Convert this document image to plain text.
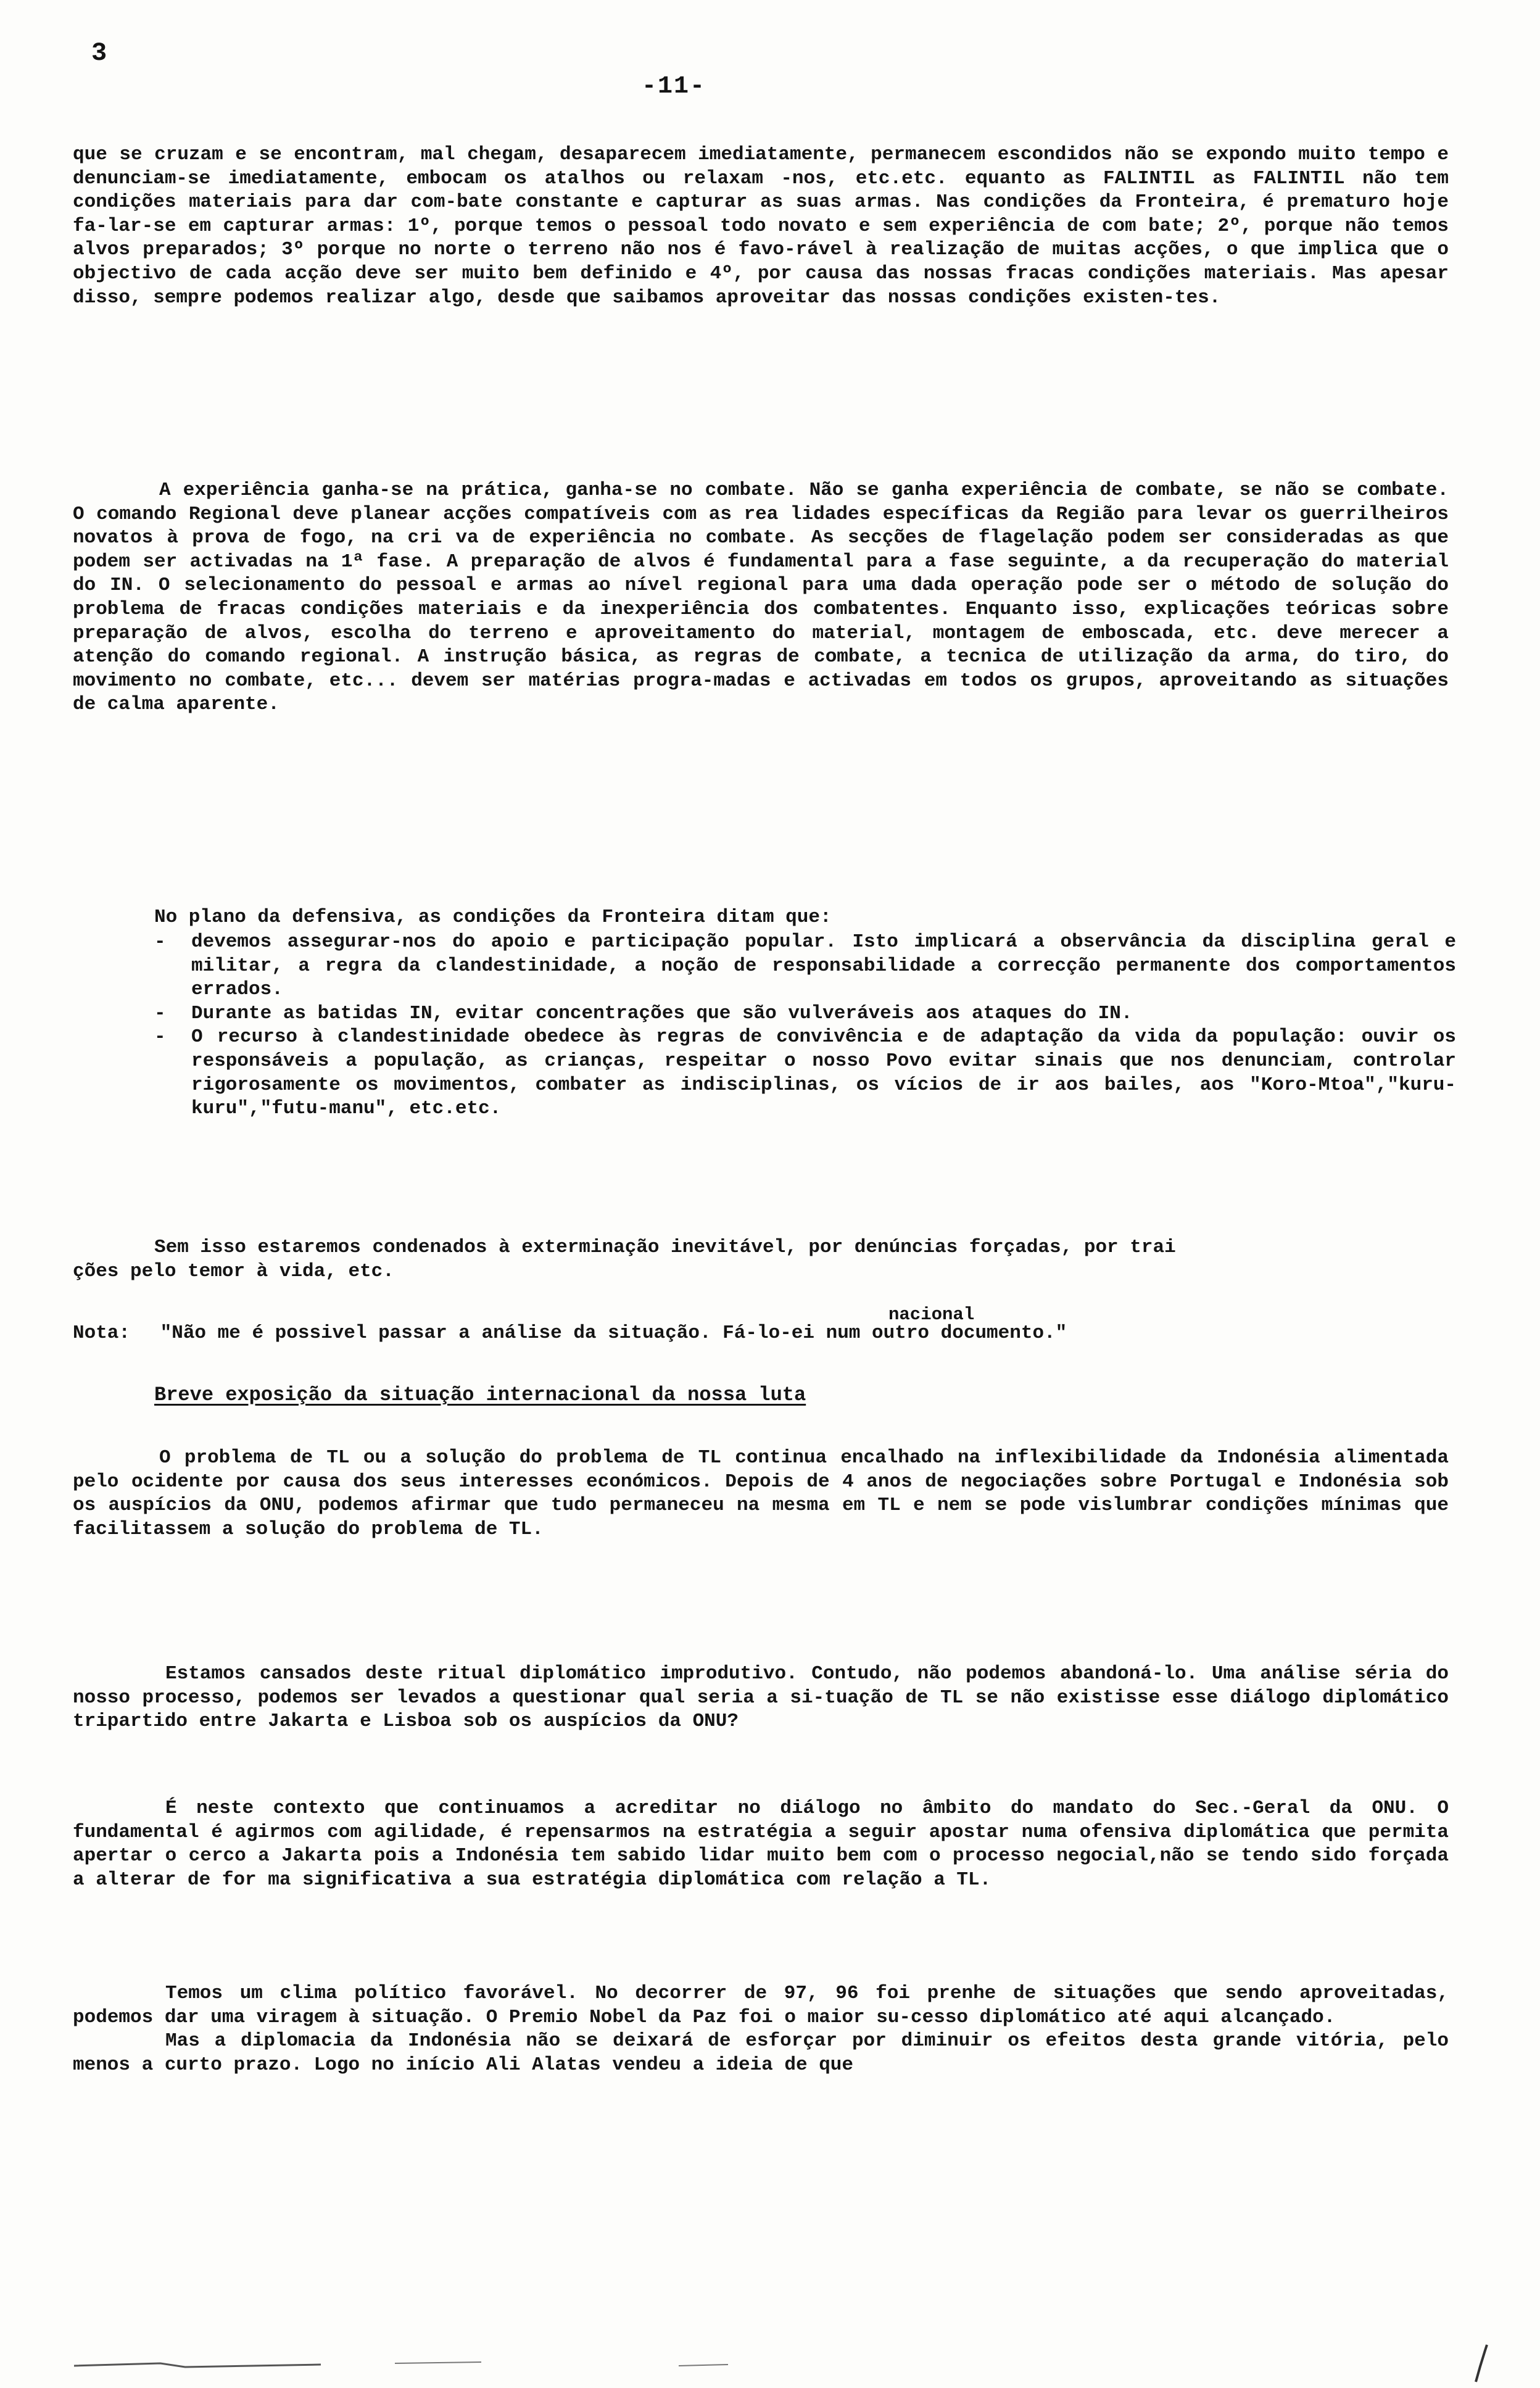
3
-11-

que se cruzam e se encontram, mal chegam, desaparecem imediatamente, permanecem escondidos não se expondo muito tempo e denunciam-se imediatamente, embocam os atalhos ou relaxam -nos, etc.etc. equanto as FALINTIL as FALINTIL não tem condições materiais para dar com-bate constante e capturar as suas armas. Nas condições da Fronteira, é prematuro hoje fa-lar-se em capturar armas: 1º, porque temos o pessoal todo novato e sem experiência de com bate; 2º, porque não temos alvos preparados; 3º porque no norte o terreno não nos é favo-rável à realização de muitas acções, o que implica que o objectivo de cada acção deve ser muito bem definido e 4º, por causa das nossas fracas condições materiais. Mas apesar disso, sempre podemos realizar algo, desde que saibamos aproveitar das nossas condições existen-tes.

A experiência ganha-se na prática, ganha-se no combate. Não se ganha experiência de combate, se não se combate. O comando Regional deve planear acções compatíveis com as rea lidades específicas da Região para levar os guerrilheiros novatos à prova de fogo, na cri va de experiência no combate. As secções de flagelação podem ser consideradas as que podem ser activadas na 1ª fase. A preparação de alvos é fundamental para a fase seguinte, a da recuperação do material do IN. O selecionamento do pessoal e armas ao nível regional para uma dada operação pode ser o método de solução do problema de fracas condições materiais e da inexperiência dos combatentes. Enquanto isso, explicações teóricas sobre preparação de alvos, escolha do terreno e aproveitamento do material, montagem de emboscada, etc. deve merecer a atenção do comando regional. A instrução básica, as regras de combate, a tecnica de utilização da arma, do tiro, do movimento no combate, etc... devem ser matérias progra-madas e activadas em todos os grupos, aproveitando as situações de calma aparente.

No plano da defensiva, as condições da Fronteira ditam que:

- devemos assegurar-nos do apoio e participação popular. Isto implicará a observância da disciplina geral e militar, a regra da clandestinidade, a noção de responsabilidade a correcção permanente dos comportamentos errados.
- Durante as batidas IN, evitar concentrações que são vulveráveis aos ataques do IN.
- O recurso à clandestinidade obedece às regras de convivência e de adaptação da vida da população: ouvir os responsáveis a população, as crianças, respeitar o nosso Povo evitar sinais que nos denunciam, controlar rigorosamente os movimentos, combater as indisciplinas, os vícios de ir aos bailes, aos "Koro-Mtoa","kuru-kuru","futu-manu", etc.etc.

Sem isso estaremos condenados à exterminação inevitável, por denúncias forçadas, por trai

ções pelo temor à vida, etc.

Nota: "Não me é possivel passar a análise da situação. Fá-lo-ei num outro documento."
nacional
Breve exposição da situação internacional da nossa luta

O problema de TL ou a solução do problema de TL continua encalhado na inflexibilidade da Indonésia alimentada pelo ocidente por causa dos seus interesses económicos. Depois de 4 anos de negociações sobre Portugal e Indonésia sob os auspícios da ONU, podemos afirmar que tudo permaneceu na mesma em TL e nem se pode vislumbrar condições mínimas que facilitassem a solução do problema de TL.

Estamos cansados deste ritual diplomático improdutivo. Contudo, não podemos abandoná-lo. Uma análise séria do nosso processo, podemos ser levados a questionar qual seria a si-tuação de TL se não existisse esse diálogo diplomático tripartido entre Jakarta e Lisboa sob os auspícios da ONU?

É neste contexto que continuamos a acreditar no diálogo no âmbito do mandato do Sec.-Geral da ONU. O fundamental é agirmos com agilidade, é repensarmos na estratégia a seguir apostar numa ofensiva diplomática que permita apertar o cerco a Jakarta pois a Indonésia tem sabido lidar muito bem com o processo negocial,não se tendo sido forçada a alterar de for ma significativa a sua estratégia diplomática com relação a TL.

Temos um clima político favorável. No decorrer de 97, 96 foi prenhe de situações que sendo aproveitadas, podemos dar uma viragem à situação. O Premio Nobel da Paz foi o maior su-cesso diplomático até aqui alcançado.

Mas a diplomacia da Indonésia não se deixará de esforçar por diminuir os efeitos desta grande vitória, pelo menos a curto prazo. Logo no início Ali Alatas vendeu a ideia de que
